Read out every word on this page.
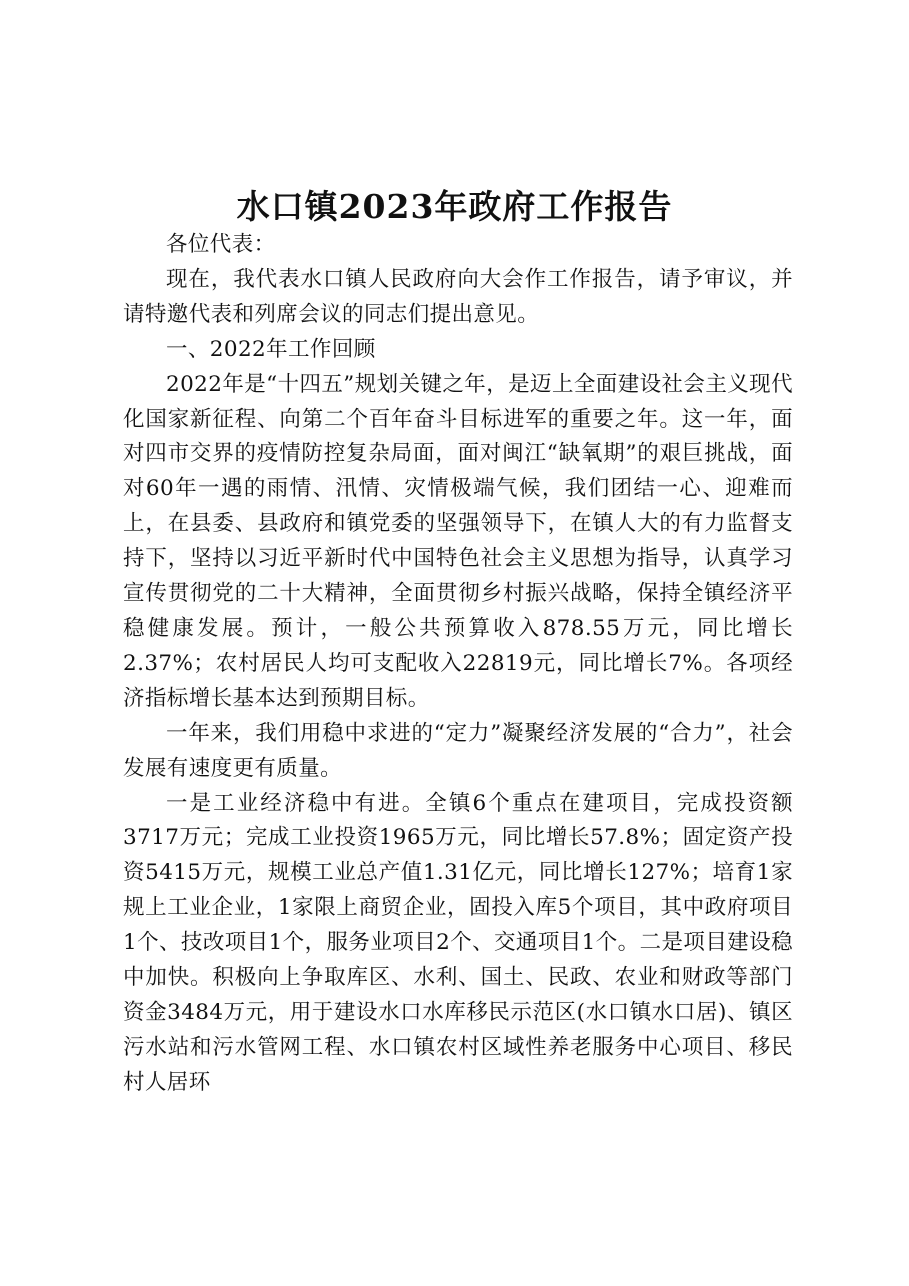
水口镇2023年政府工作报告

各位代表：

现在，我代表水口镇人民政府向大会作工作报告，请予审议，并请特邀代表和列席会议的同志们提出意见。

一、2022年工作回顾

2022年是“十四五”规划关键之年，是迈上全面建设社会主义现代化国家新征程、向第二个百年奋斗目标进军的重要之年。这一年，面对四市交界的疫情防控复杂局面，面对闽江“缺氧期”的艰巨挑战，面对60年一遇的雨情、汛情、灾情极端气候，我们团结一心、迎难而上，在县委、县政府和镇党委的坚强领导下，在镇人大的有力监督支持下，坚持以习近平新时代中国特色社会主义思想为指导，认真学习宣传贯彻党的二十大精神，全面贯彻乡村振兴战略，保持全镇经济平稳健康发展。预计，一般公共预算收入878.55万元，同比增长2.37%；农村居民人均可支配收入22819元，同比增长7%。各项经济指标增长基本达到预期目标。

一年来，我们用稳中求进的“定力”凝聚经济发展的“合力”，社会发展有速度更有质量。

一是工业经济稳中有进。全镇6个重点在建项目，完成投资额3717万元；完成工业投资1965万元，同比增长57.8%；固定资产投资5415万元，规模工业总产值1.31亿元，同比增长127%；培育1家规上工业企业，1家限上商贸企业，固投入库5个项目，其中政府项目1个、技改项目1个，服务业项目2个、交通项目1个。二是项目建设稳中加快。积极向上争取库区、水利、国土、民政、农业和财政等部门资金3484万元，用于建设水口水库移民示范区(水口镇水口居)、镇区污水站和污水管网工程、水口镇农村区域性养老服务中心项目、移民村人居环
